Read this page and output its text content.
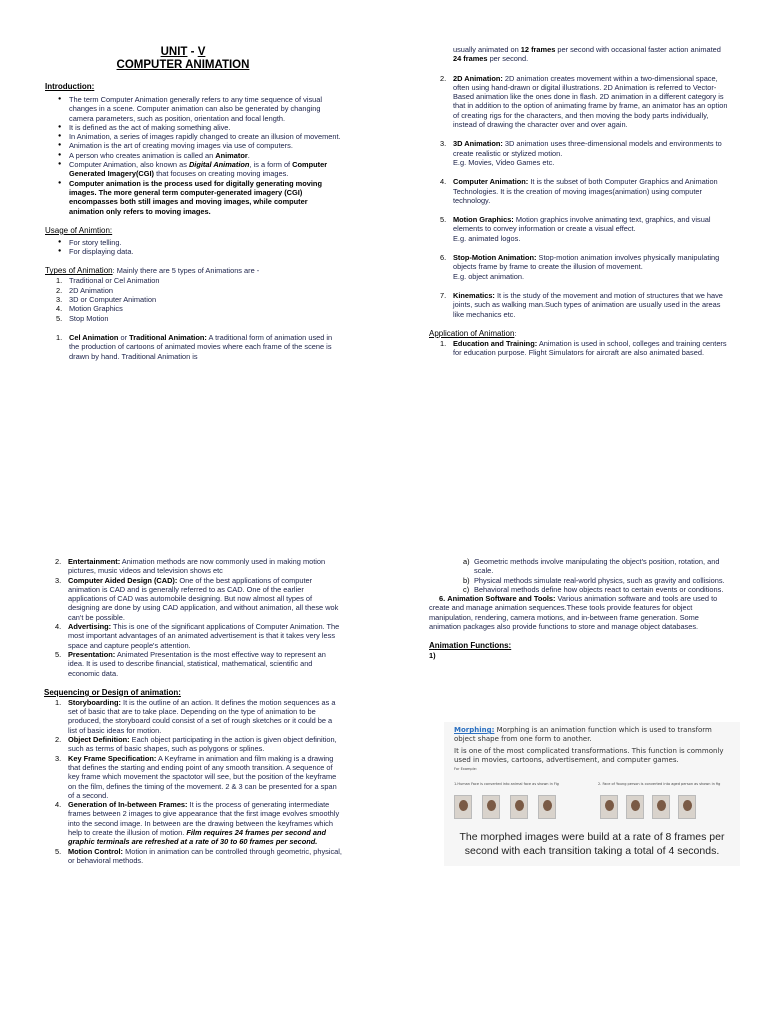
UNIT - V
COMPUTER ANIMATION
Introduction:
● The term Computer Animation generally refers to any time sequence of visual changes in a scene. Computer animation can also be generated by changing camera parameters, such as position, orientation and focal length.
● It is defined as the act of making something alive.
● In Animation, a series of images rapidly changed to create an illusion of movement.
● Animation is the art of creating moving images via use of computers.
● A person who creates animation is called an Animator.
● Computer Animation, also known as Digital Animation, is a form of Computer Generated Imagery(CGI) that focuses on creating moving images.
● Computer animation is the process used for digitally generating moving images. The more general term computer-generated imagery (CGI) encompasses both still images and moving images, while computer animation only refers to moving images.
Usage of Animtion:
● For story telling.
● For displaying data.
Types of Animation: Mainly there are 5 types of Animations are -
1. Traditional or Cel Animation
2. 2D Animation
3. 3D or Computer Animation
4. Motion Graphics
5. Stop Motion
1. Cel Animation or Traditional Animation: A traditional form of animation used in the production of cartoons of animated movies where each frame of the scene is drawn by hand. Traditional Animation is
usually animated on 12 frames per second with occasional faster action animated 24 frames per second.
2. 2D Animation: 2D animation creates movement within a two-dimensional space, often using hand-drawn or digital illustrations. 2D Animation is referred to Vector-Based animation like the ones done in flash. 2D animation in a different category is that in addition to the option of animating frame by frame, an animator has an option of creating rigs for the characters, and then moving the body parts individually, instead of drawing the character over and over again.
3. 3D Animation: 3D animation uses three-dimensional models and environments to create realistic or stylized motion.
E.g. Movies, Video Games etc.
4. Computer Animation: It is the subset of both Computer Graphics and Animation Technologies. It is the creation of moving images(animation) using computer technology.
5. Motion Graphics: Motion graphics involve animating text, graphics, and visual elements to convey information or create a visual effect.
E.g. animated logos.
6. Stop-Motion Animation: Stop-motion animation involves physically manipulating objects frame by frame to create the illusion of movement.
E.g. object animation.
7. Kinematics: It is the study of the movement and motion of structures that we have joints, such as walking man.Such types of animation are usually used in the areas like mechanics etc.
Application of Animation:
1. Education and Training: Animation is used in school, colleges and training centers for education purpose. Flight Simulators for aircraft are also animated based.
2. Entertainment: Animation methods are now commonly used in making motion pictures, music videos and television shows etc
3. Computer Aided Design (CAD): One of the best applications of computer animation is CAD and is generally referred to as CAD. One of the earlier applications of CAD was automobile designing. But now almost all types of designing are done by using CAD application, and without animation, all these wok can't be possible.
4. Advertising: This is one of the significant applications of Computer Animation. The most important advantages of an animated advertisement is that it takes very less space and capture people's attention.
5. Presentation: Animated Presentation is the most effective way to represent an idea. It is used to describe financial, statistical, mathematical, scientific and economic data.
Sequencing or Design of animation:
1. Storyboarding: It is the outline of an action. It defines the motion sequences as a set of basic that are to take place. Depending on the type of animation to be produced, the storyboard could consist of a set of rough sketches or it could be a list of basic ideas for motion.
2. Object Definition: Each object participating in the action is given object definition, such as terms of basic shapes, such as polygons or splines.
3. Key Frame Specification: A Keyframe in animation and film making is a drawing that defines the starting and ending point of any smooth transition. A sequence of key frame which movement the spactotor will see, but the position of the keyframe on the film, defines the timing of the movement. 2 & 3 can be presented for a span of a second.
4. Generation of In-between Frames: It is the process of generating intermediate frames between 2 images to give appearance that the first image evolves smoothly into the second image. In between are the drawing between the keyframes which help to create the illusion of motion. Film requires 24 frames per second and graphic terminals are refreshed at a rate of 30 to 60 frames per second.
5. Motion Control: Motion in animation can be controlled through geometric, physical, or behavioral methods.
a) Geometric methods involve manipulating the object's position, rotation, and scale.
b) Physical methods simulate real-world physics, such as gravity and collisions.
c) Behavioral methods define how objects react to certain events or conditions.
6. Animation Software and Tools: Various animation software and tools are used to create and manage animation sequences.These tools provide features for object manipulation, rendering, camera motions, and in-between frame generation. Some animation packages also provide functions to store and manage object databases.
Animation Functions:
1)
Morphing: Morphing is an animation function which is used to transform object shape from one form to another.
It is one of the most complicated transformations. This function is commonly used in movies, cartoons, advertisement, and computer games.
For Example:
1.Human Face is converted into animal face as shown in Fig	2. Face of Young person is converted into aged person as shown in fig
The morphed images were build at a rate of 8 frames per second with each transition taking a total of 4 seconds.
